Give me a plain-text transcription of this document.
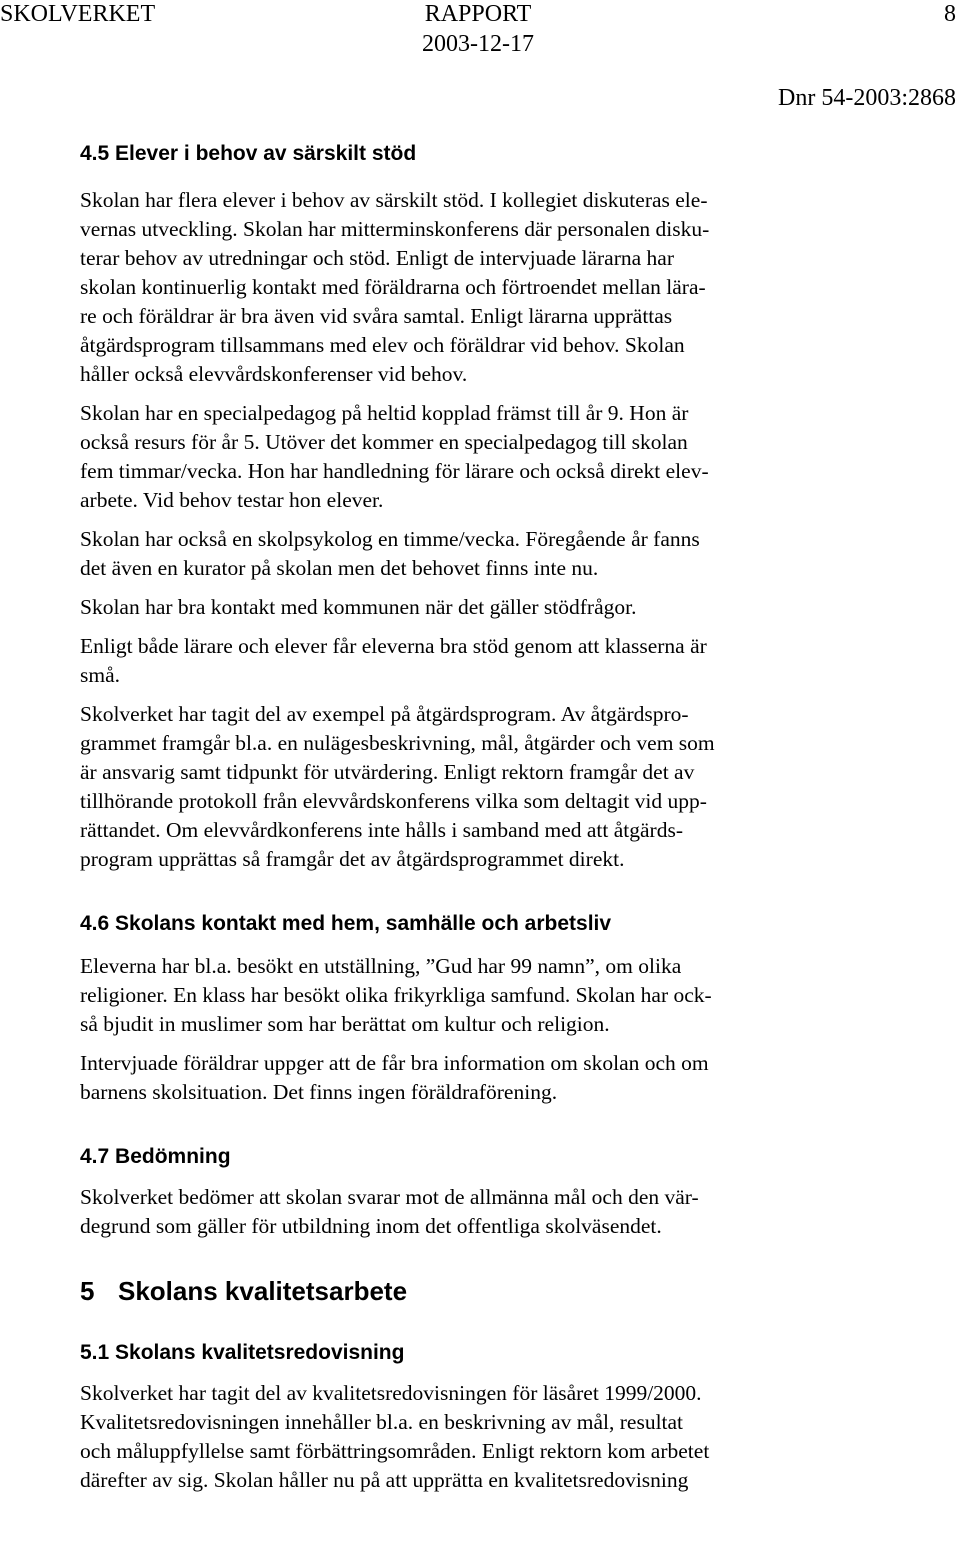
SKOLVERKET	RAPPORT
2003-12-17
8
Dnr 54-2003:2868
4.5 Elever i behov av särskilt stöd

Skolan har flera elever i behov av särskilt stöd. I kollegiet diskuteras ele-
vernas utveckling. Skolan har mitterminskonferens där personalen disku-
terar behov av utredningar och stöd. Enligt de intervjuade lärarna har
skolan kontinuerlig kontakt med föräldrarna och förtroendet mellan lära-
re och föräldrar är bra även vid svåra samtal. Enligt lärarna upprättas
åtgärdsprogram tillsammans med elev och föräldrar vid behov. Skolan
håller också elevvårdskonferenser vid behov.

Skolan har en specialpedagog på heltid kopplad främst till år 9. Hon är
också resurs för år 5. Utöver det kommer en specialpedagog till skolan
fem timmar/vecka. Hon har handledning för lärare och också direkt elev-
arbete. Vid behov testar hon elever.

Skolan har också en skolpsykolog en timme/vecka. Föregående år fanns
det även en kurator på skolan men det behovet finns inte nu.

Skolan har bra kontakt med kommunen när det gäller stödfrågor.

Enligt både lärare och elever får eleverna bra stöd genom att klasserna är
små.

Skolverket har tagit del av exempel på åtgärdsprogram. Av åtgärdspro-
grammet framgår bl.a. en nulägesbeskrivning, mål, åtgärder och vem som
är ansvarig samt tidpunkt för utvärdering. Enligt rektorn framgår det av
tillhörande protokoll från elevvårdskonferens vilka som deltagit vid upp-
rättandet. Om elevvårdkonferens inte hålls i samband med att åtgärds-
program upprättas så framgår det av åtgärdsprogrammet direkt.

4.6 Skolans kontakt med hem, samhälle och arbetsliv

Eleverna har bl.a. besökt en utställning, ”Gud har 99 namn”, om olika
religioner. En klass har besökt olika frikyrkliga samfund. Skolan har ock-
så bjudit in muslimer som har berättat om kultur och religion.

Intervjuade föräldrar uppger att de får bra information om skolan och om
barnens skolsituation. Det finns ingen föräldraförening.

4.7 Bedömning

Skolverket bedömer att skolan svarar mot de allmänna mål och den vär-
degrund som gäller för utbildning inom det offentliga skolväsendet.

5 Skolans kvalitetsarbete
5.1 Skolans kvalitetsredovisning

Skolverket har tagit del av kvalitetsredovisningen för läsåret 1999/2000.
Kvalitetsredovisningen innehåller bl.a. en beskrivning av mål, resultat
och måluppfyllelse samt förbättringsområden. Enligt rektorn kom arbetet
därefter av sig. Skolan håller nu på att upprätta en kvalitetsredovisning
